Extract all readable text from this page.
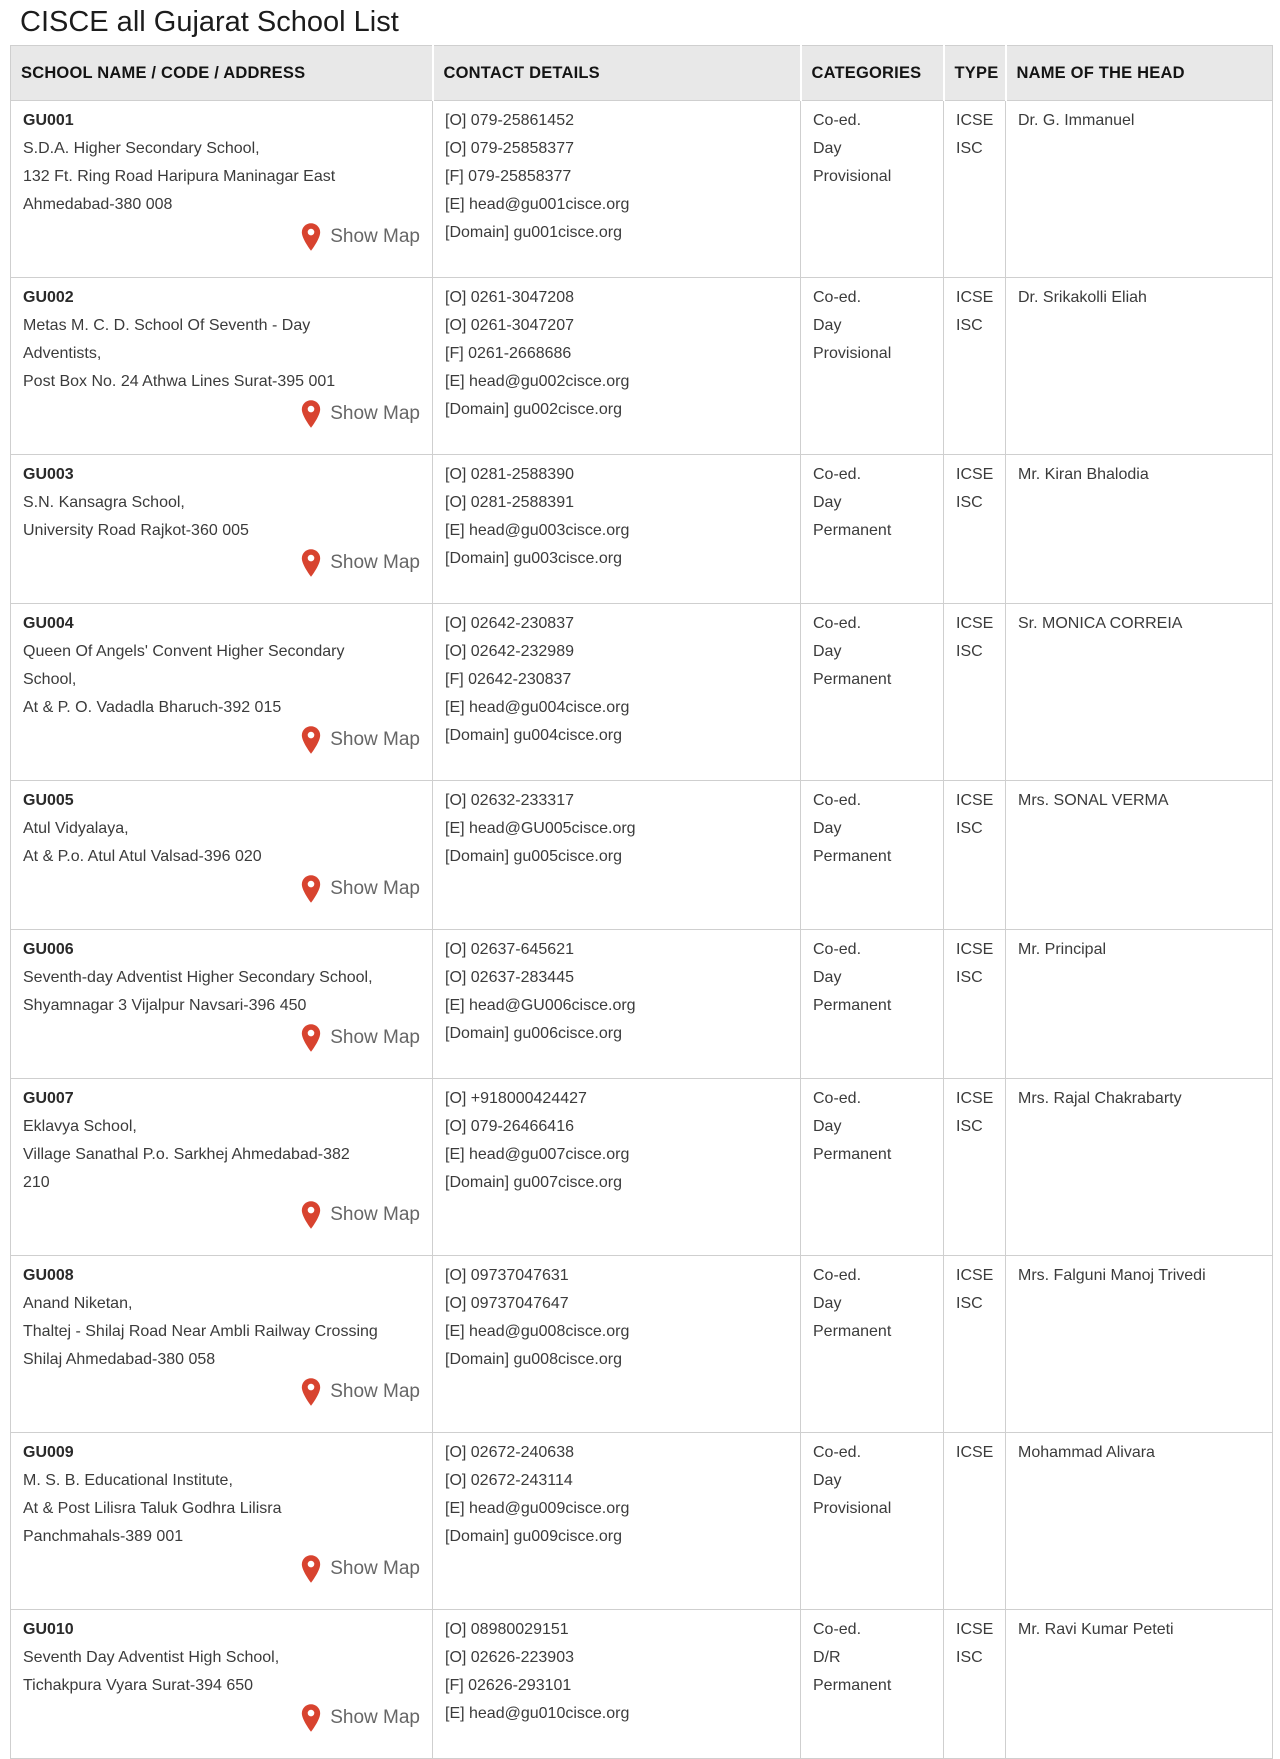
CISCE all Gujarat School List
SCHOOL NAME / CODE / ADDRESS	CONTACT DETAILS	CATEGORIES	TYPE	NAME OF THE HEAD

GU001
S.D.A. Higher Secondary School,
132 Ft. Ring Road Haripura Maninagar East
Ahmedabad-380 008
Show Map

[O] 079-25861452
[O] 079-25858377
[F] 079-25858377
[E] head@gu001cisce.org
[Domain] gu001cisce.org

Co-ed.
Day
Provisional

ICSE
ISC

Dr. G. Immanuel

GU002
Metas M. C. D. School Of Seventh - Day
Adventists,
Post Box No. 24 Athwa Lines Surat-395 001
Show Map

[O] 0261-3047208
[O] 0261-3047207
[F] 0261-2668686
[E] head@gu002cisce.org
[Domain] gu002cisce.org

Co-ed.
Day
Provisional

ICSE
ISC

Dr. Srikakolli Eliah

GU003
S.N. Kansagra School,
University Road Rajkot-360 005
Show Map

[O] 0281-2588390
[O] 0281-2588391
[E] head@gu003cisce.org
[Domain] gu003cisce.org

Co-ed.
Day
Permanent

ICSE
ISC

Mr. Kiran Bhalodia

GU004
Queen Of Angels' Convent Higher Secondary
School,
At & P. O. Vadadla Bharuch-392 015
Show Map

[O] 02642-230837
[O] 02642-232989
[F] 02642-230837
[E] head@gu004cisce.org
[Domain] gu004cisce.org

Co-ed.
Day
Permanent

ICSE
ISC

Sr. MONICA CORREIA

GU005
Atul Vidyalaya,
At & P.o. Atul Atul Valsad-396 020
Show Map

[O] 02632-233317
[E] head@GU005cisce.org
[Domain] gu005cisce.org

Co-ed.
Day
Permanent

ICSE
ISC

Mrs. SONAL VERMA

GU006
Seventh-day Adventist Higher Secondary School,
Shyamnagar 3 Vijalpur Navsari-396 450
Show Map

[O] 02637-645621
[O] 02637-283445
[E] head@GU006cisce.org
[Domain] gu006cisce.org

Co-ed.
Day
Permanent

ICSE
ISC

Mr. Principal

GU007
Eklavya School,
Village Sanathal P.o. Sarkhej Ahmedabad-382
210
Show Map

[O] +918000424427
[O] 079-26466416
[E] head@gu007cisce.org
[Domain] gu007cisce.org

Co-ed.
Day
Permanent

ICSE
ISC

Mrs. Rajal Chakrabarty

GU008
Anand Niketan,
Thaltej - Shilaj Road Near Ambli Railway Crossing
Shilaj Ahmedabad-380 058
Show Map

[O] 09737047631
[O] 09737047647
[E] head@gu008cisce.org
[Domain] gu008cisce.org

Co-ed.
Day
Permanent

ICSE
ISC

Mrs. Falguni Manoj Trivedi

GU009
M. S. B. Educational Institute,
At & Post Lilisra Taluk Godhra Lilisra
Panchmahals-389 001
Show Map

[O] 02672-240638
[O] 02672-243114
[E] head@gu009cisce.org
[Domain] gu009cisce.org

Co-ed.
Day
Provisional

ICSE	Mohammad Alivara

GU010
Seventh Day Adventist High School,
Tichakpura Vyara Surat-394 650
Show Map

[O] 08980029151
[O] 02626-223903
[F] 02626-293101
[E] head@gu010cisce.org

Co-ed.
D/R
Permanent

ICSE
ISC

Mr. Ravi Kumar Peteti
